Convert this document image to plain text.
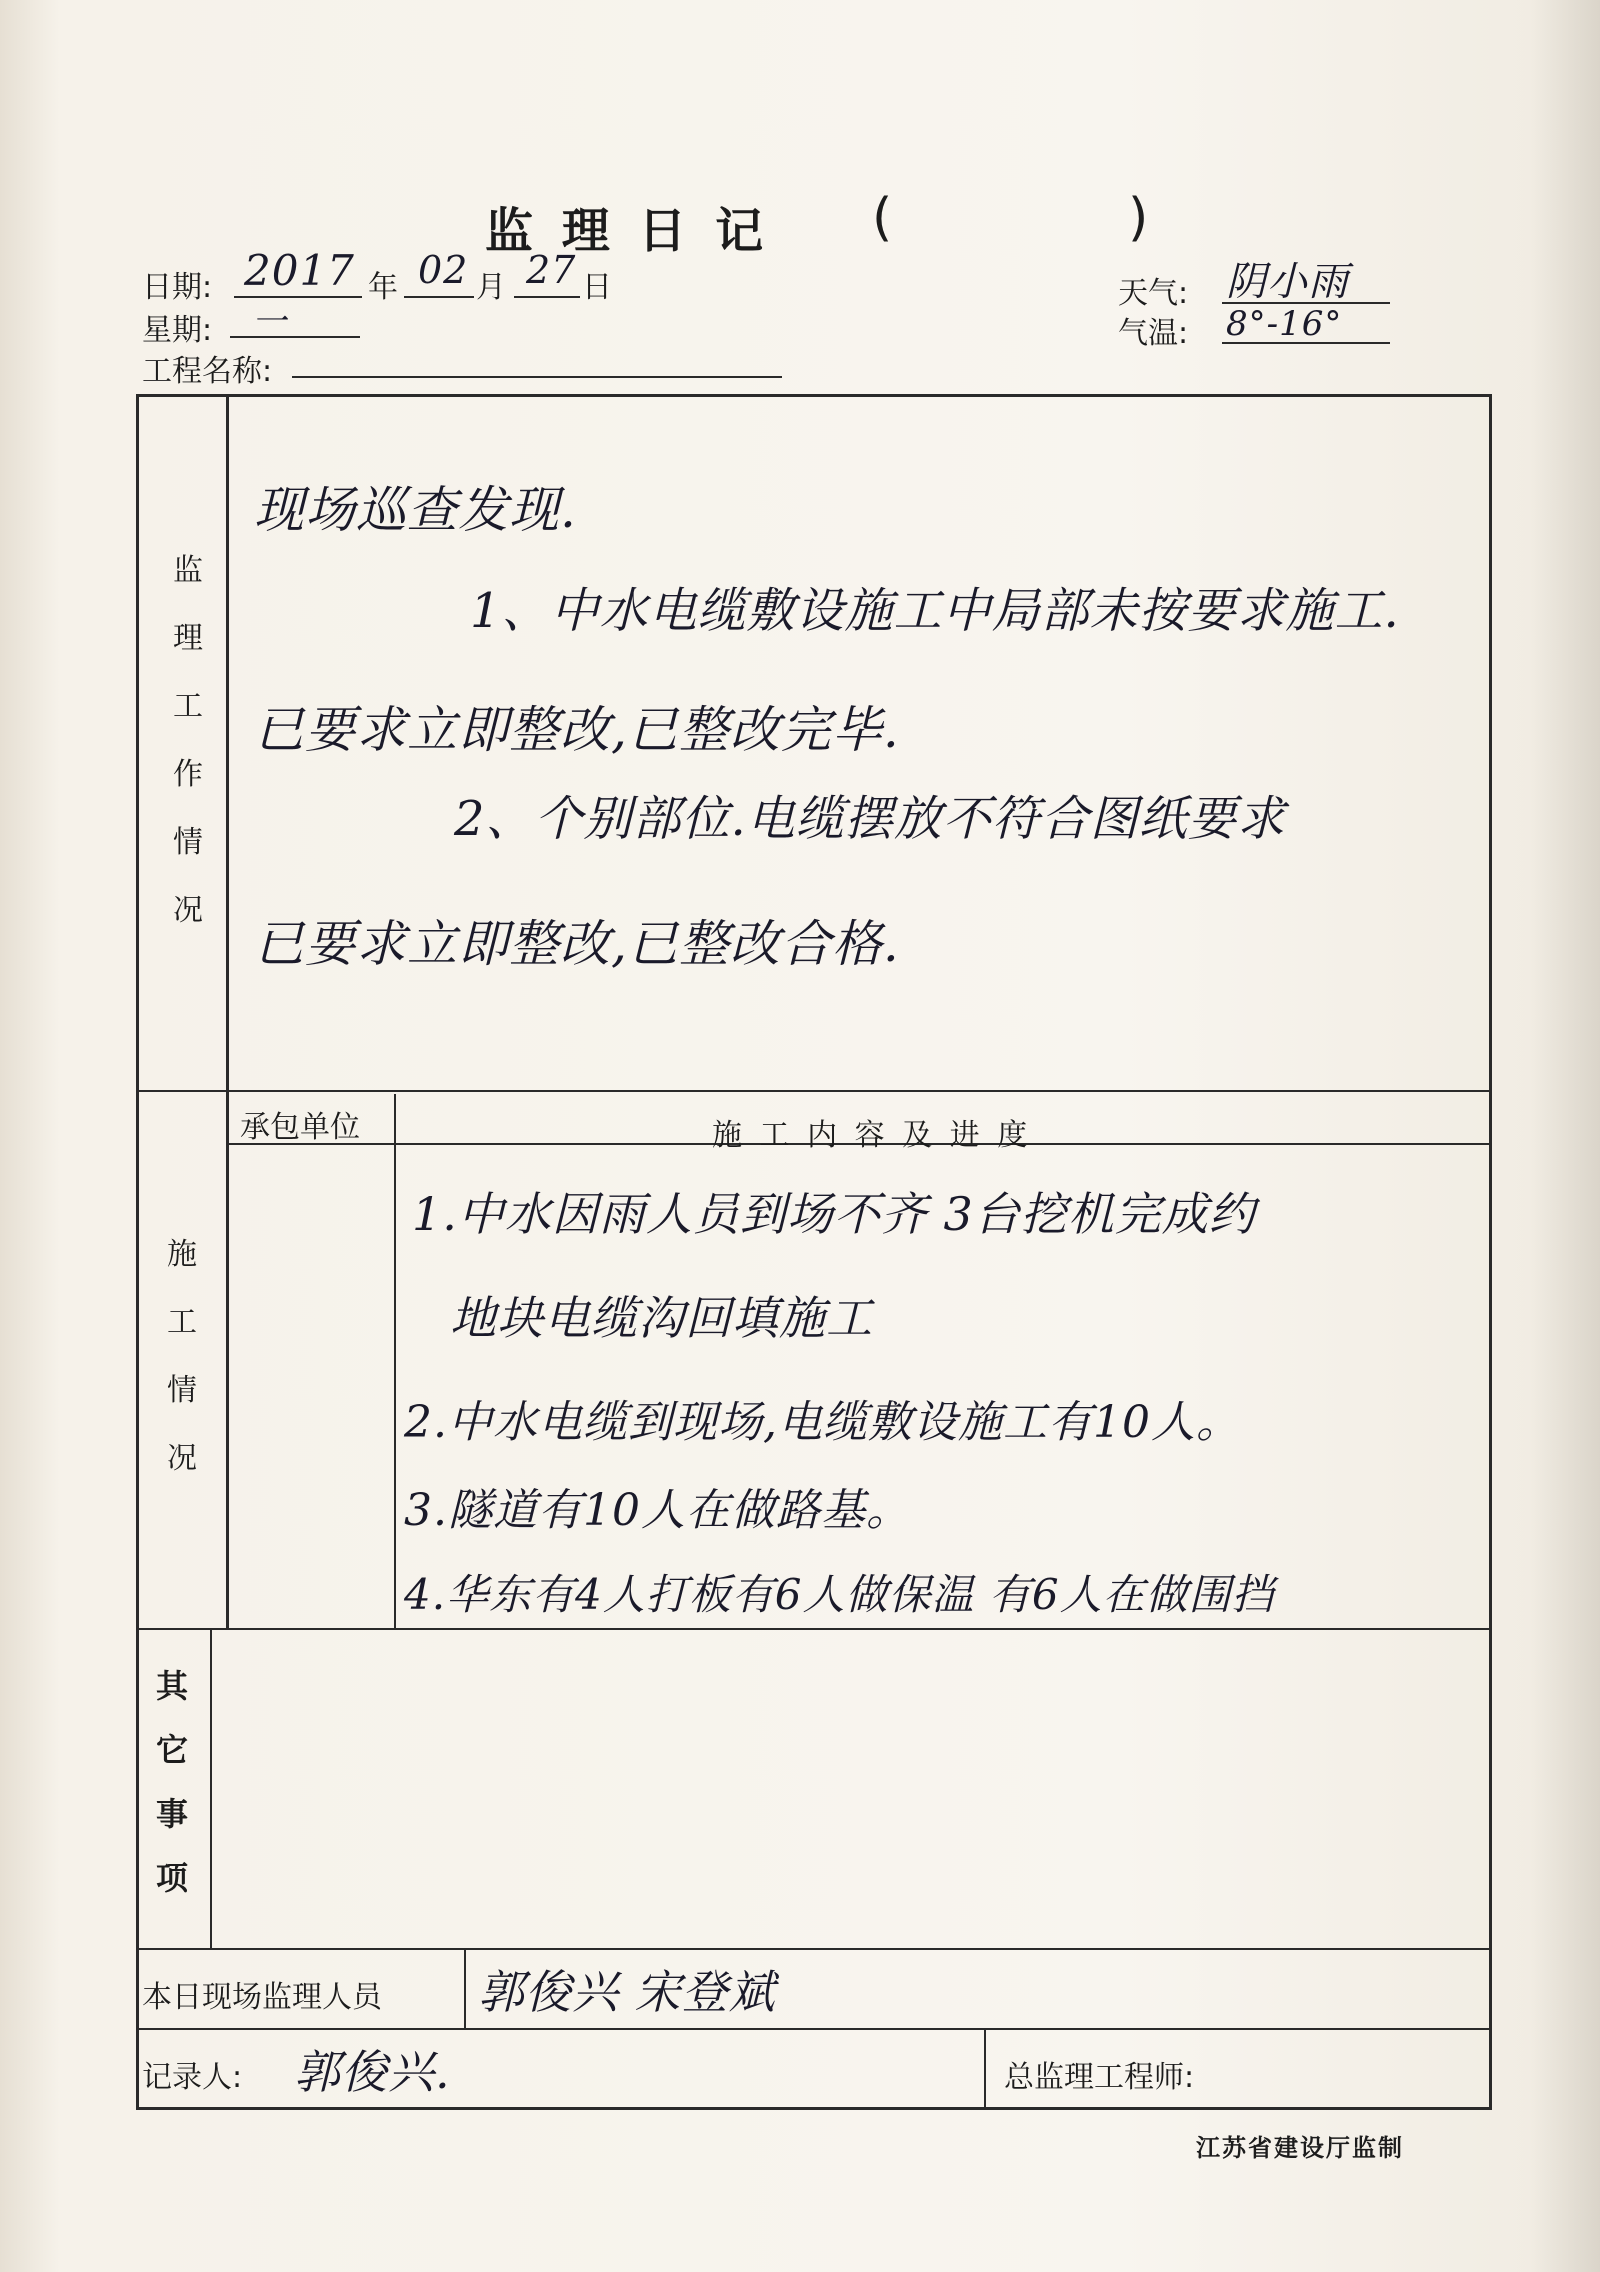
监 理 日 记 (	)
日期: 2017 年 02 月 27 日
星期: 一
工程名称:
天气: 阴小雨
气温: 8°-16°
监
理
工
作
情
况
现场巡查发现.
1、中水电缆敷设施工中局部未按要求施工.
已要求立即整改,已整改完毕.
2、个别部位.电缆摆放不符合图纸要求
已要求立即整改,已整改合格.
承包单位	施 工 内 容 及 进 度
施
工
情
况
1.中水因雨人员到场不齐 3台挖机完成约
地块电缆沟回填施工
2.中水电缆到现场,电缆敷设施工有10人。
3.隧道有10人在做路基。
4.华东有4人打板有6人做保温 有6人在做围挡
其
它
事
项
本日现场监理人员 郭俊兴 宋登斌
记录人: 郭俊兴.	总监理工程师:
江苏省建设厅监制
